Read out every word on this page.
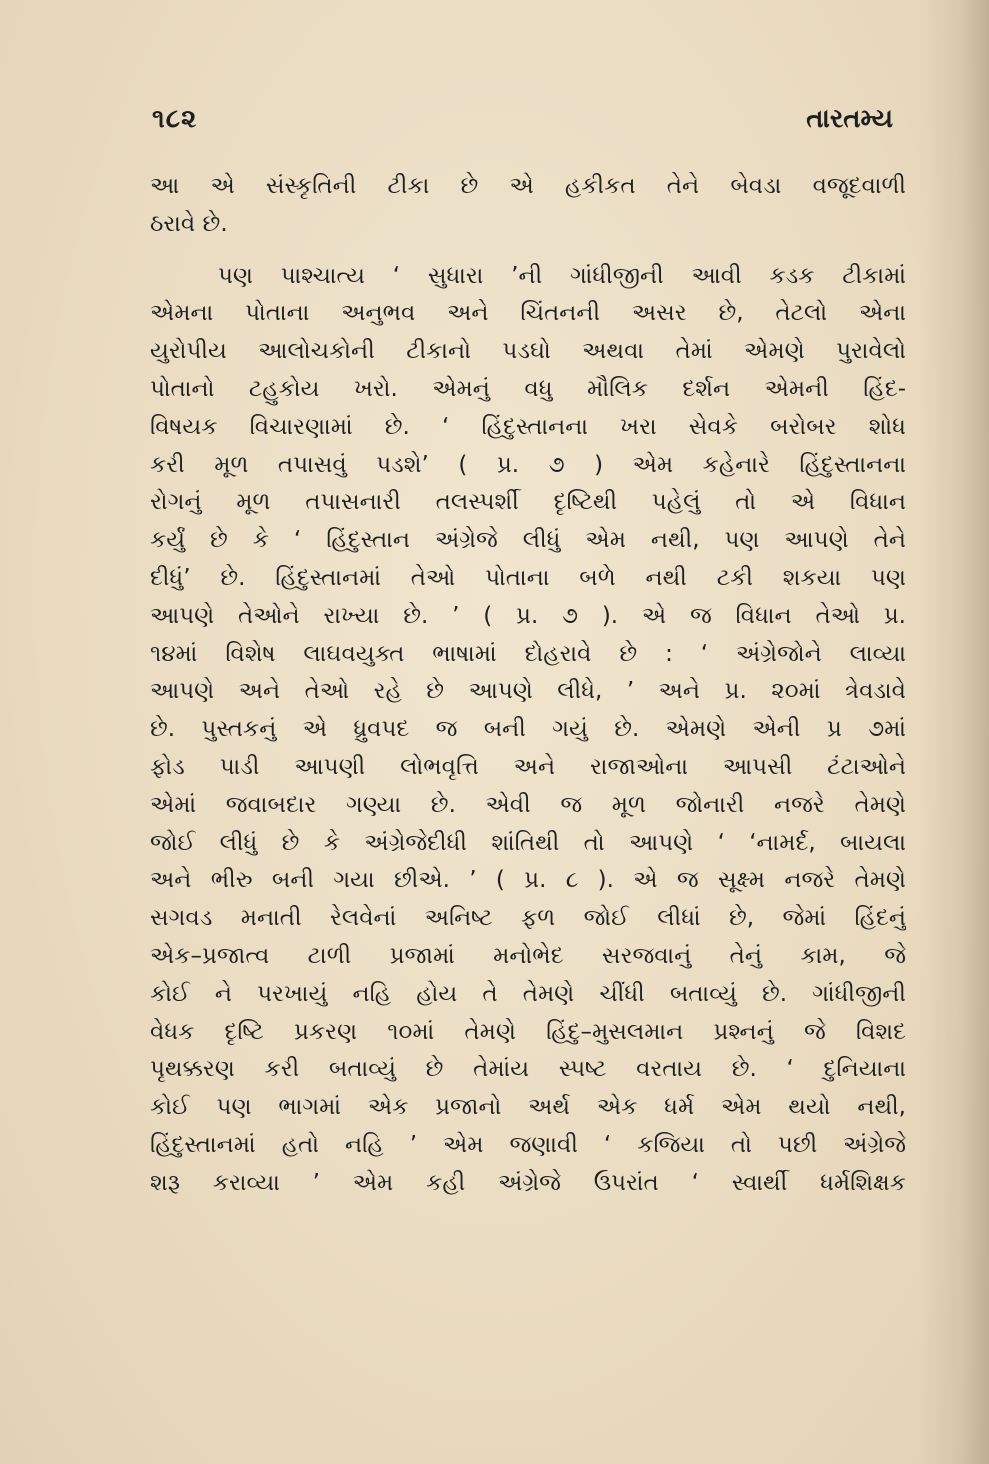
૧૮૨	તારતમ્ય
આ એ સંસ્કૃતિની ટીકા છે એ હકીકત તેને બેવડા વજૂદવાળી
ઠરાવે છે.
પણ પાશ્ચાત્ય ‘ સુધારા ’ની ગાંધીજીની આવી કડક ટીકામાં
એમના પોતાના અનુભવ અને ચિંતનની અસર છે, તેટલો એના
યુરોપીય આલોચકોની ટીકાનો પડઘો અથવા તેમાં એમણે પુરાવેલો
પોતાનો ટહુકોય ખરો. એમનું વધુ મૌલિક દર્શન એમની હિંદ-
વિષયક વિચારણામાં છે. ‘ હિંદુસ્તાનના ખરા સેવકે બરોબર શોધ
કરી મૂળ તપાસવું પડશે’ ( પ્ર. ૭ ) એમ કહેનારે હિંદુસ્તાનના
રોગનું મૂળ તપાસનારી તલસ્પર્શી દૃષ્ટિથી પહેલું તો એ વિધાન
કર્યું છે કે ‘ હિંદુસ્તાન અંગ્રેજે લીધું એમ નથી, પણ આપણે તેને
દીધું’ છે. હિંદુસ્તાનમાં તેઓ પોતાના બળે નથી ટકી શકયા પણ
આપણે તેઓને રાખ્યા છે. ’ ( પ્ર. ૭ ). એ જ વિધાન તેઓ પ્ર.
૧૪માં વિશેષ લાઘવયુક્ત ભાષામાં દોહરાવે છે : ‘ અંગ્રેજોને લાવ્યા
આપણે અને તેઓ રહે છે આપણે લીધે, ’ અને પ્ર. ૨૦માં ત્રેવડાવે
છે. પુસ્તકનું એ ધ્રુવપદ જ બની ગયું છે. એમણે એની પ્ર ૭માં
ફોડ પાડી આપણી લોભવૃત્તિ અને રાજાઓના આપસી ટંટાઓને
એમાં જવાબદાર ગણ્યા છે. એવી જ મૂળ જોનારી નજરે તેમણે
જોઈ લીધું છે કે અંગ્રેજેદીધી શાંતિથી તો આપણે ‘ ‘નામર્દ, બાયલા
અને ભીરુ બની ગયા છીએ. ’ ( પ્ર. ૮ ). એ જ સૂક્ષ્મ નજરે તેમણે
સગવડ મનાતી રેલવેનાં અનિષ્ટ ફળ જોઈ લીધાં છે, જેમાં હિંદનું
એક–પ્રજાત્વ ટાળી પ્રજામાં મનોભેદ સરજવાનું તેનું કામ, જે
કોઈ ને પરખાયું નહિ હોય તે તેમણે ચીંધી બતાવ્યું છે. ગાંધીજીની
વેધક દૃષ્ટિ પ્રકરણ ૧૦માં તેમણે હિંદુ–મુસલમાન પ્રશ્નનું જે વિશદ
પૃથક્કરણ કરી બતાવ્યું છે તેમાંય સ્પષ્ટ વરતાય છે. ‘ દુનિયાના
કોઈ પણ ભાગમાં એક પ્રજાનો અર્થ એક ધર્મ એમ થયો નથી,
હિંદુસ્તાનમાં હતો નહિ ’ એમ જણાવી ‘ કજિયા તો પછી અંગ્રેજે
શરૂ કરાવ્યા ’ એમ કહી અંગ્રેજે ઉપરાંત ‘ સ્વાર્થી ધર્મશિક્ષક
